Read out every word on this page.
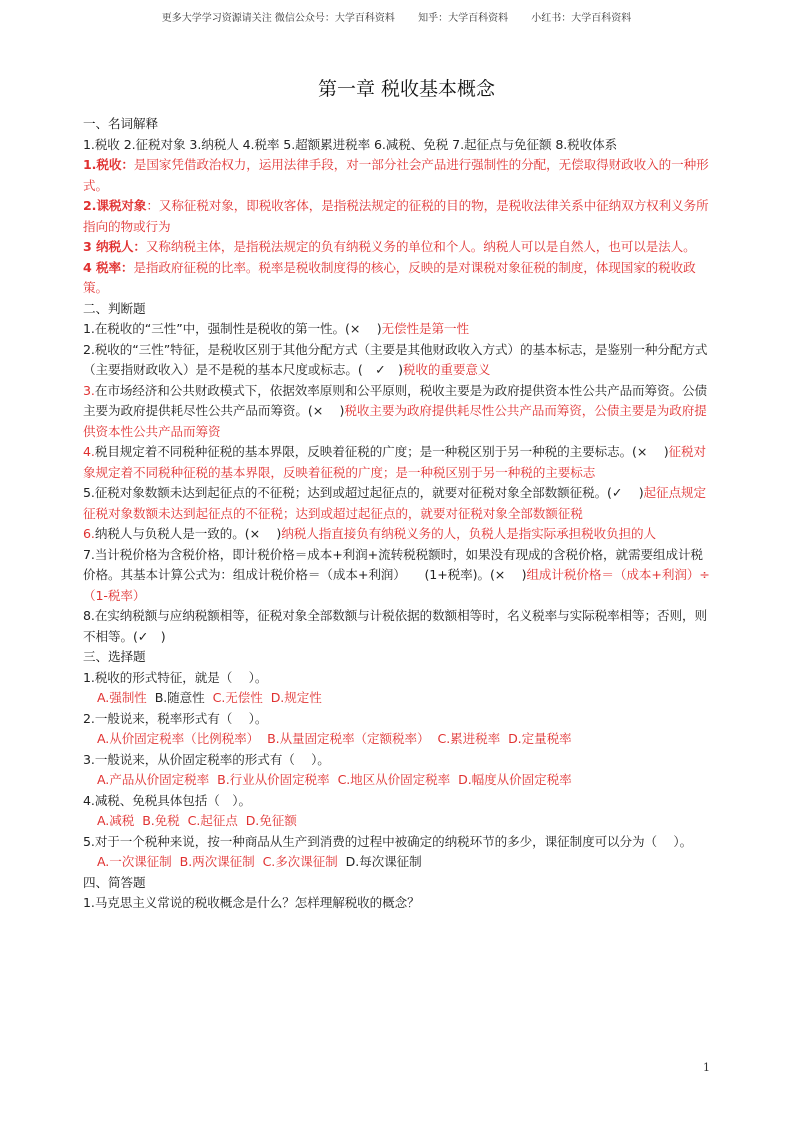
更多大学学习资源请关注 微信公众号：大学百科资料 知乎：大学百科资料 小红书：大学百科资料
第一章 税收基本概念

一、名词解释

1.税收 2.征税对象 3.纳税人 4.税率 5.超额累进税率 6.减税、免税 7.起征点与免征额 8.税收体系

1.税收：是国家凭借政治权力，运用法律手段，对一部分社会产品进行强制性的分配，无偿取得财政收入的一种形式。

2.课税对象：又称征税对象，即税收客体，是指税法规定的征税的目的物，是税收法律关系中征纳双方权利义务所指向的物或行为

3 纳税人：又称纳税主体，是指税法规定的负有纳税义务的单位和个人。纳税人可以是自然人，也可以是法人。

4 税率：是指政府征税的比率。税率是税收制度得的核心，反映的是对课税对象征税的制度，体现国家的税收政策。

二、判断题

1.在税收的“三性”中，强制性是税收的第一性。(×　 )无偿性是第一性

2.税收的“三性”特征，是税收区别于其他分配方式（主要是其他财政收入方式）的基本标志，是鉴别一种分配方式（主要指财政收入）是不是税的基本尺度或标志。(　✓　)税收的重要意义

3.在市场经济和公共财政模式下，依据效率原则和公平原则，税收主要是为政府提供资本性公共产品而筹资。公债主要为政府提供耗尽性公共产品而筹资。(×　 )税收主要为政府提供耗尽性公共产品而筹资，公债主要是为政府提供资本性公共产品而筹资

4.税目规定着不同税种征税的基本界限，反映着征税的广度；是一种税区别于另一种税的主要标志。(×　 )征税对象规定着不同税种征税的基本界限，反映着征税的广度；是一种税区别于另一种税的主要标志

5.征税对象数额未达到起征点的不征税；达到或超过起征点的，就要对征税对象全部数额征税。(✓　 )起征点规定征税对象数额未达到起征点的不征税；达到或超过起征点的，就要对征税对象全部数额征税

6.纳税人与负税人是一致的。(×　 )纳税人指直接负有纳税义务的人，负税人是指实际承担税收负担的人

7.当计税价格为含税价格，即计税价格＝成本+利润+流转税税额时，如果没有现成的含税价格，就需要组成计税价格。其基本计算公式为：组成计税价格＝（成本+利润）　　(1+税率)。(×　 )组成计税价格＝（成本+利润）÷（1-税率）

8.在实纳税额与应纳税额相等，征税对象全部数额与计税依据的数额相等时，名义税率与实际税率相等；否则，则不相等。(✓　)

三、选择题

1.税收的形式特征，就是（　 ）。

A.强制性 B.随意性 C.无偿性 D.规定性

2.一般说来，税率形式有（　 ）。

A.从价固定税率（比例税率） B.从量固定税率（定额税率） C.累进税率 D.定量税率

3.一般说来，从价固定税率的形式有（　 ）。

A.产品从价固定税率 B.行业从价固定税率 C.地区从价固定税率 D.幅度从价固定税率

4.减税、免税具体包括（　）。

A.减税 B.免税 C.起征点 D.免征额

5.对于一个税种来说，按一种商品从生产到消费的过程中被确定的纳税环节的多少，课征制度可以分为（　 ）。

A.一次课征制 B.两次课征制 C.多次课征制 D.每次课征制

四、简答题

1.马克思主义常说的税收概念是什么？怎样理解税收的概念？

1
